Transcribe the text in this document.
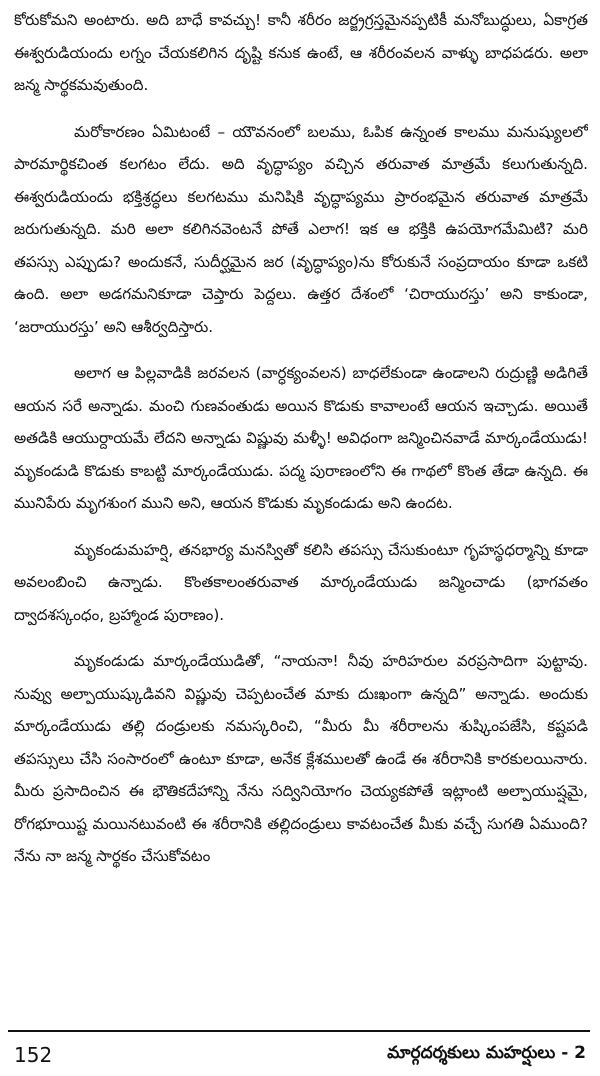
కోరుకోమని అంటారు. అది బాధే కావచ్చు! కానీ శరీరం జర్జ్రగ్రస్తమైనప్పటికీ మనోబుద్ధులు, ఏకాగ్రత ఈశ్వరుడియందు లగ్నం చేయకలిగిన దృష్టి కనుక ఉంటే, ఆ శరీరంవలన వాళ్ళు బాధపడరు. అలా జన్మ సార్థకమవుతుంది.

మరోకారణం ఏమిటంటే – యౌవనంలో బలము, ఓపిక ఉన్నంత కాలము మనుష్యులలో పారమార్థికచింత కలగటం లేదు. అది వృద్ధాప్యం వచ్చిన తరువాత మాత్రమే కలుగుతున్నది. ఈశ్వరుడియందు భక్తిశ్రద్ధలు కలగటము మనిషికి వృద్ధాప్యము ప్రారంభమైన తరువాత మాత్రమే జరుగుతున్నది. మరి అలా కలిగినవెంటనే పోతే ఎలాగ! ఇక ఆ భక్తికి ఉపయోగమేమిటి? మరి తపస్సు ఎప్పుడు? అందుకనే, సుదీర్ఘమైన జర (వృద్ధాప్యం)ను కోరుకునే సంప్రదాయం కూడా ఒకటి ఉంది. అలా అడగమనికూడా చెప్తారు పెద్దలు. ఉత్తర దేశంలో ‘చిరాయురస్తు’ అని కాకుండా, ‘జరాయురస్తు’ అని ఆశీర్వదిస్తారు.

అలాగ ఆ పిల్లవాడికి జరవలన (వార్ధక్యంవలన) బాధలేకుండా ఉండాలని రుద్రుణ్ణి అడిగితే ఆయన సరే అన్నాడు. మంచి గుణవంతుడు అయిన కొడుకు కావాలంటే ఆయన ఇచ్చాడు. అయితే అతడికి ఆయుర్దాయమే లేదని అన్నాడు విష్ణువు మళ్ళీ! అవిధంగా జన్మించినవాడే మార్కండేయుడు! మృకండుడి కొడుకు కాబట్టి మార్కండేయుడు. పద్మ పురాణంలోని ఈ గాథలో కొంత తేడా ఉన్నది. ఈ మునిపేరు మృగశుంగ ముని అని, ఆయన కొడుకు మృకండుడు అని ఉందట.

మృకండుమహర్షి, తనభార్య మనస్వితో కలిసి తపస్సు చేసుకుంటూ గృహస్థధర్మాన్ని కూడా అవలంబించి ఉన్నాడు. కొంతకాలంతరువాత మార్కండేయుడు జన్మించాడు (భాగవతం ద్వాదశస్కంధం, బ్రహ్మాండ పురాణం).

మృకండుడు మార్కండేయుడితో, “నాయనా! నీవు హరిహరుల వరప్రసాదిగా పుట్టావు. నువ్వు అల్పాయుష్కుడివని విష్ణువు చెప్పటంచేత మాకు దుఃఖంగా ఉన్నది” అన్నాడు. అందుకు మార్కండేయుడు తల్లి దండ్రులకు నమస్కరించి, “మీరు మీ శరీరాలను శుష్కింపజేసి, కష్టపడి తపస్సులు చేసి సంసారంలో ఉంటూ కూడా, అనేక క్లేశములతో ఉండే ఈ శరీరానికి కారకులయినారు. మీరు ప్రసాదించిన ఈ భౌతికదేహాన్ని నేను సద్వినియోగం చెయ్యకపోతే ఇట్లాంటి అల్పాయుష్షమై, రోగభూయిష్ట మయినటువంటి ఈ శరీరానికి తల్లిదండ్రులు కావటంచేత మీకు వచ్చే సుగతి ఏముంది? నేను నా జన్మ సార్థకం చేసుకోవటం

152	మార్గదర్శకులు మహర్షులు - 2
